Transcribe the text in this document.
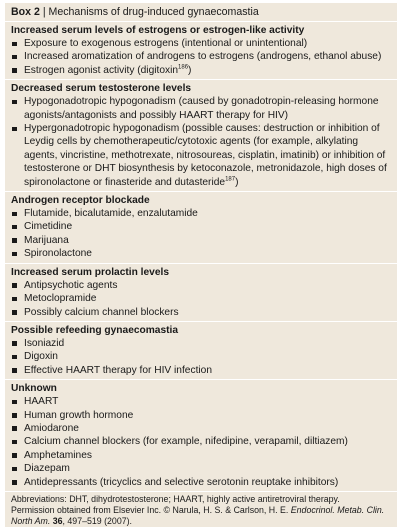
Box 2 | Mechanisms of drug-induced gynaecomastia
Increased serum levels of estrogens or estrogen-like activity
Exposure to exogenous estrogens (intentional or unintentional)
Increased aromatization of androgens to estrogens (androgens, ethanol abuse)
Estrogen agonist activity (digitoxin$^{186}$)
Decreased serum testosterone levels
Hypogonadotropic hypogonadism (caused by gonadotropin-releasing hormone agonists/antagonists and possibly HAART therapy for HIV)
Hypergonadotropic hypogonadism (possible causes: destruction or inhibition of Leydig cells by chemotherapeutic/cytotoxic agents (for example, alkylating agents, vincristine, methotrexate, nitrosoureas, cisplatin, imatinib) or inhibition of testosterone or DHT biosynthesis by ketoconazole, metronidazole, high doses of spironolactone or finasteride and dutasteride$^{187}$)
Androgen receptor blockade
Flutamide, bicalutamide, enzalutamide
Cimetidine
Marijuana
Spironolactone
Increased serum prolactin levels
Antipsychotic agents
Metoclopramide
Possibly calcium channel blockers
Possible refeeding gynaecomastia
Isoniazid
Digoxin
Effective HAART therapy for HIV infection
Unknown
HAART
Human growth hormone
Amiodarone
Calcium channel blockers (for example, nifedipine, verapamil, diltiazem)
Amphetamines
Diazepam
Antidepressants (tricyclics and selective serotonin reuptake inhibitors)
Abbreviations: DHT, dihydrotestosterone; HAART, highly active antiretroviral therapy.
Permission obtained from Elsevier Inc. © Narula, H. S. & Carlson, H. E. Endocrinol. Metab. Clin. North Am. 36, 497–519 (2007).
